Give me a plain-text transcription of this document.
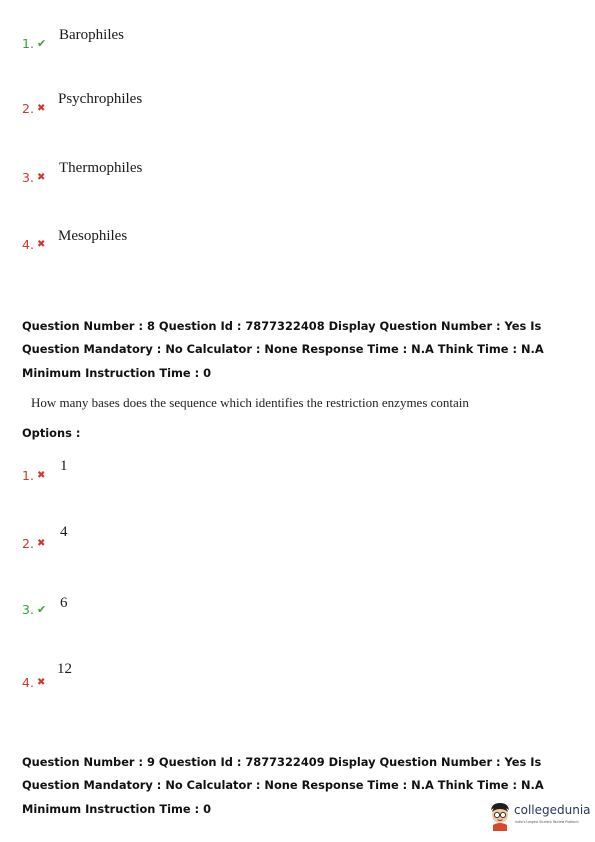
1. ✔
Barophiles
2. ✖
Psychrophiles
3. ✖
Thermophiles
4. ✖
Mesophiles
Question Number : 8 Question Id : 7877322408 Display Question Number : Yes Is Question Mandatory : No Calculator : None Response Time : N.A Think Time : N.A Minimum Instruction Time : 0
How many bases does the sequence which identifies the restriction enzymes contain
Options :
1. ✖
1
2. ✖
4
3. ✔ 6
4. ✖
12
Question Number : 9 Question Id : 7877322409 Display Question Number : Yes Is Question Mandatory : No Calculator : None Response Time : N.A Think Time : N.A Minimum Instruction Time : 0	collegedunia
India's Largest Student Review Platform
